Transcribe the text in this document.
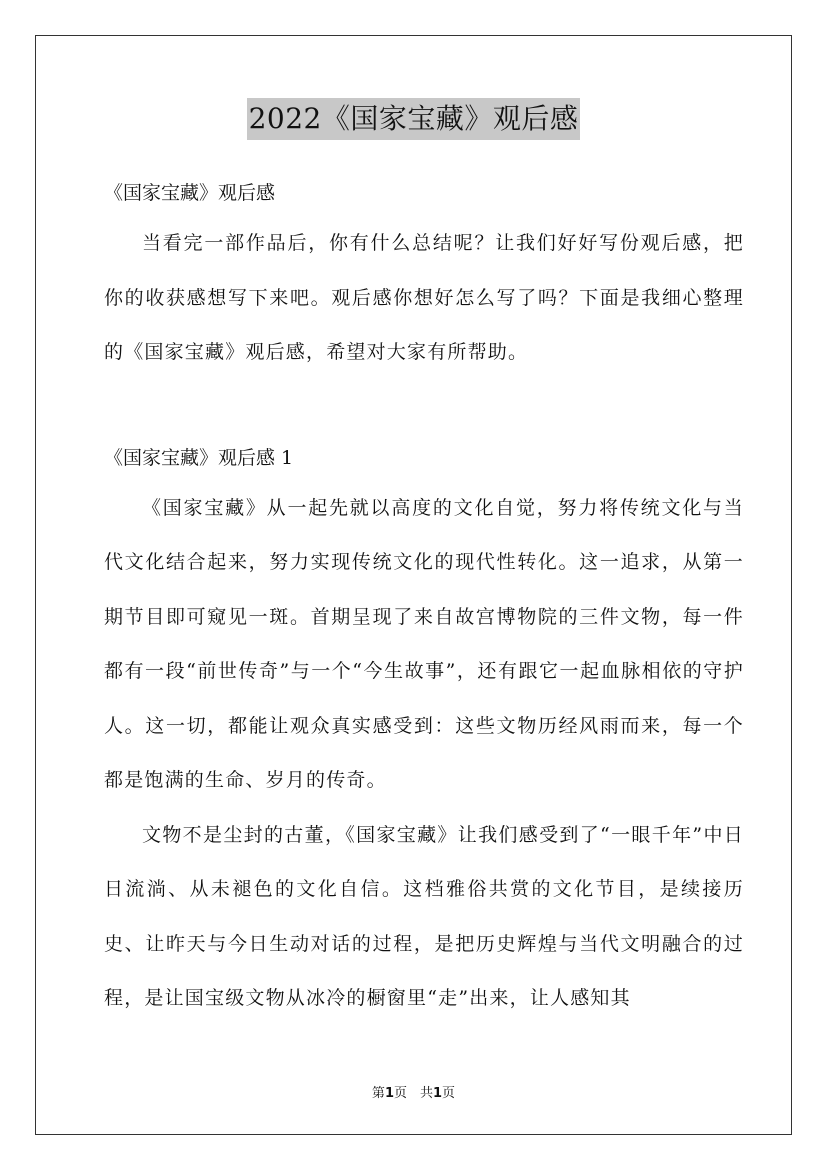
2022《国家宝藏》观后感

《国家宝藏》观后感

当看完一部作品后，你有什么总结呢？让我们好好写份观后感，把你的收获感想写下来吧。观后感你想好怎么写了吗？下面是我细心整理的《国家宝藏》观后感，希望对大家有所帮助。

《国家宝藏》观后感 1

《国家宝藏》从一起先就以高度的文化自觉，努力将传统文化与当代文化结合起来，努力实现传统文化的现代性转化。这一追求，从第一期节目即可窥见一斑。首期呈现了来自故宫博物院的三件文物，每一件都有一段“前世传奇”与一个“今生故事”，还有跟它一起血脉相依的守护人。这一切，都能让观众真实感受到：这些文物历经风雨而来，每一个都是饱满的生命、岁月的传奇。

文物不是尘封的古董，《国家宝藏》让我们感受到了“一眼千年”中日日流淌、从未褪色的文化自信。这档雅俗共赏的文化节目，是续接历史、让昨天与今日生动对话的过程，是把历史辉煌与当代文明融合的过程，是让国宝级文物从冰冷的橱窗里“走”出来，让人感知其

第1页　共1页
